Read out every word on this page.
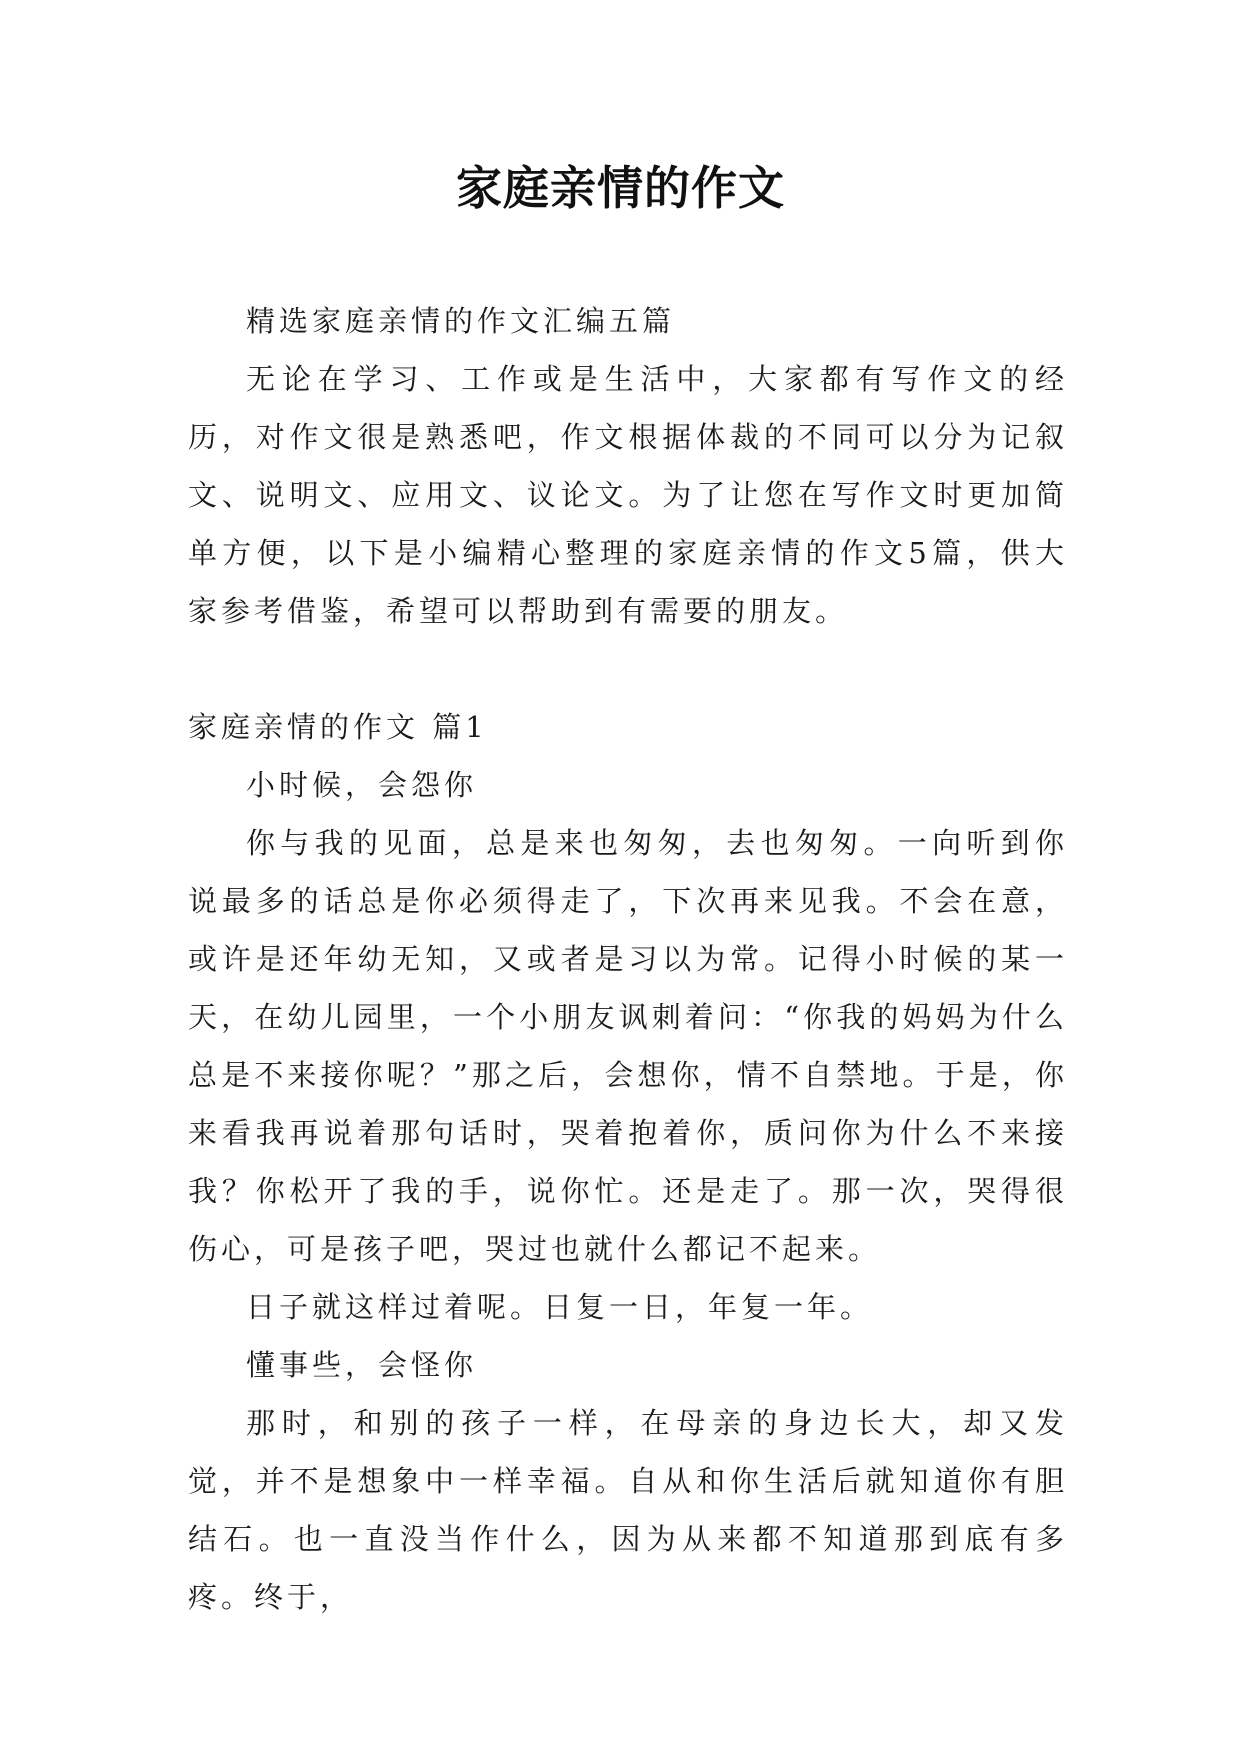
家庭亲情的作文

精选家庭亲情的作文汇编五篇

无论在学习、工作或是生活中，大家都有写作文的经历，对作文很是熟悉吧，作文根据体裁的不同可以分为记叙文、说明文、应用文、议论文。为了让您在写作文时更加简单方便，以下是小编精心整理的家庭亲情的作文5篇，供大家参考借鉴，希望可以帮助到有需要的朋友。

家庭亲情的作文 篇1

小时候，会怨你

你与我的见面，总是来也匆匆，去也匆匆。一向听到你说最多的话总是你必须得走了，下次再来见我。不会在意，或许是还年幼无知，又或者是习以为常。记得小时候的某一天，在幼儿园里，一个小朋友讽刺着问：“你我的妈妈为什么总是不来接你呢？”那之后，会想你，情不自禁地。于是，你来看我再说着那句话时，哭着抱着你，质问你为什么不来接我？你松开了我的手，说你忙。还是走了。那一次，哭得很伤心，可是孩子吧，哭过也就什么都记不起来。

日子就这样过着呢。日复一日，年复一年。

懂事些，会怪你

那时，和别的孩子一样，在母亲的身边长大，却又发觉，并不是想象中一样幸福。自从和你生活后就知道你有胆结石。也一直没当作什么，因为从来都不知道那到底有多疼。终于，
